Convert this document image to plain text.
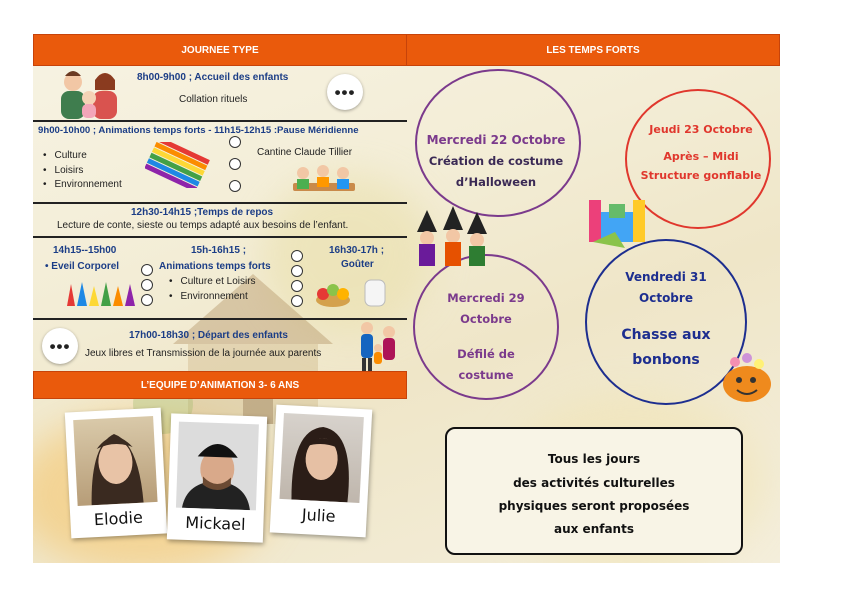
JOURNEE TYPE	LES TEMPS FORTS
8h00-9h00 ; Accueil des enfants
Collation rituels	•••
9h00-10h00 ; Animations temps forts - 11h15-12h15 :Pause Méridienne
• Culture
• Loisirs
• Environnement
Cantine Claude Tillier
12h30-14h15 ;Temps de repos
Lecture de conte, sieste ou temps adapté aux besoins de l’enfant.
14h15--15h00
• Eveil Corporel
15h-16h15 ;
Animations temps forts
• Culture et Loisirs
• Environnement
16h30-17h ;
Goûter
•••
17h00-18h30 ; Départ des enfants
Jeux libres et Transmission de la journée aux parents
L’EQUIPE D’ANIMATION 3- 6 ANS
Elodie	Mickael	Julie
Mercredi 22 Octobre
Création de costume
d’Halloween
Jeudi 23 Octobre
Après – Midi
Structure gonflable
Mercredi 29
Octobre
Défilé de
costume
Vendredi 31
Octobre
Chasse aux
bonbons
Tous les jours
des activités culturelles
physiques seront proposées
aux enfants
